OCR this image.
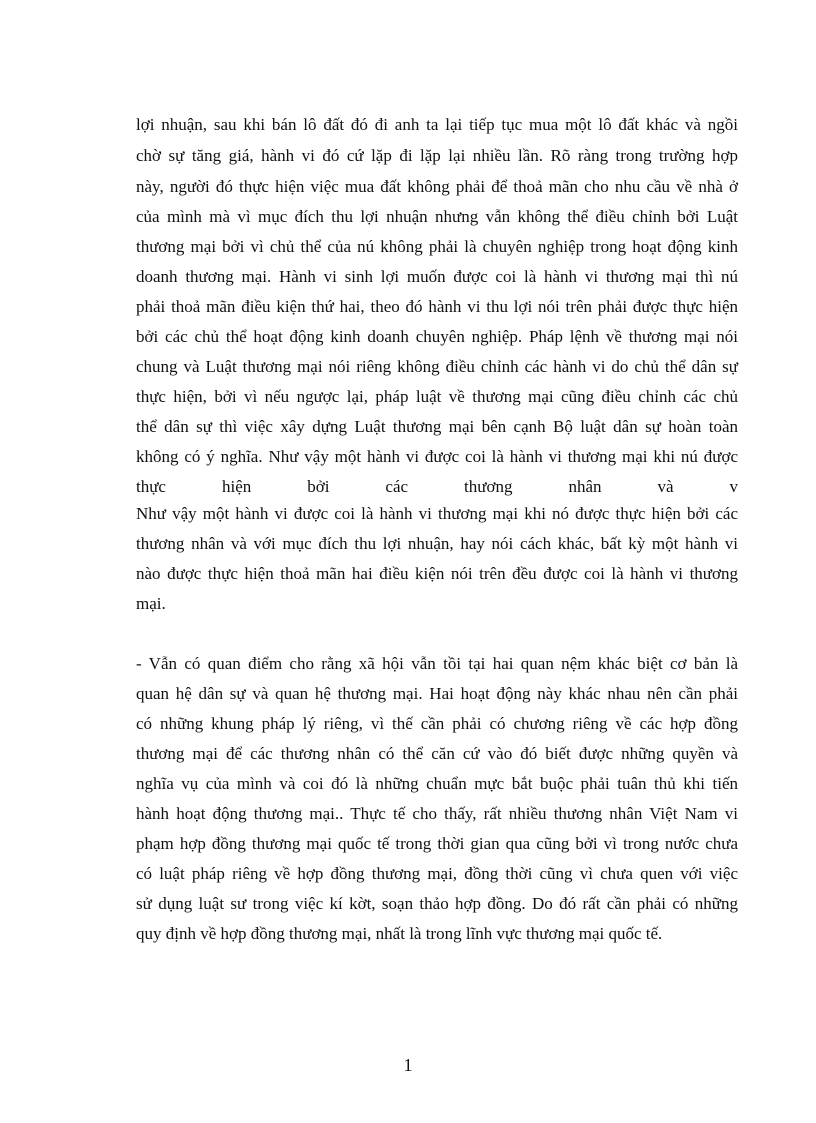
lợi nhuận, sau khi bán lô đất đó đi anh ta lại tiếp tục mua một lô đất khác và ngồi
chờ sự tăng giá, hành vi đó cứ lặp đi lặp lại nhiều lần. Rõ ràng trong trường hợp
này, người đó thực hiện việc mua đất không phải để thoả mãn cho nhu cầu về nhà ở
của mình mà vì mục đích thu lợi nhuận nhưng vẫn không thể điều chỉnh bởi Luật
thương mại bởi vì chủ thể của nú không phải là chuyên nghiệp trong hoạt động kinh
doanh thương mại. Hành vi sinh lợi muốn được coi là hành vi thương mại thì nú
phải thoả mãn điều kiện thứ hai, theo đó hành vi thu lợi nói trên phải được thực hiện
bởi các chủ thể hoạt động kinh doanh chuyên nghiệp. Pháp lệnh về thương mại nói
chung và Luật thương mại nói riêng không điều chỉnh các hành vi do chủ thể dân sự
thực hiện, bởi vì nếu ngược lại, pháp luật về thương mại cũng điều chỉnh các chủ
thể dân sự thì việc xây dựng Luật thương mại bên cạnh Bộ luật dân sự hoàn toàn
không có ý nghĩa. Như vậy một hành vi được coi là hành vi thương mại khi nú được
thực hiện bởi các thương nhân và v
Như vậy một hành vi được coi là hành vi thương mại khi nó được thực hiện bởi các
thương nhân và với mục đích thu lợi nhuận, hay nói cách khác, bất kỳ một hành vi
nào được thực hiện thoả mãn hai điều kiện nói trên đều được coi là hành vi thương
mại.
- Vẫn có quan điểm cho rằng xã hội vẫn tồi tại hai quan nệm khác biệt cơ bản là
quan hệ dân sự và quan hệ thương mại. Hai hoạt động này khác nhau nên cần phải
có những khung pháp lý riêng, vì thế cần phải có chương riêng về các hợp đồng
thương mại để các thương nhân có thể căn cứ vào đó biết được những quyền và
nghĩa vụ của mình và coi đó là những chuẩn mực bắt buộc phải tuân thủ khi tiến
hành hoạt động thương mại.. Thực tế cho thấy, rất nhiều thương nhân Việt Nam vi
phạm hợp đồng thương mại quốc tế trong thời gian qua cũng bởi vì trong nước chưa
có luật pháp riêng về hợp đồng thương mại, đồng thời cũng vì chưa quen với việc
sử dụng luật sư trong việc kí kờt, soạn thảo hợp đồng. Do đó rất cần phải có những
quy định về hợp đồng thương mại, nhất là trong lĩnh vực thương mại quốc tế.
1
